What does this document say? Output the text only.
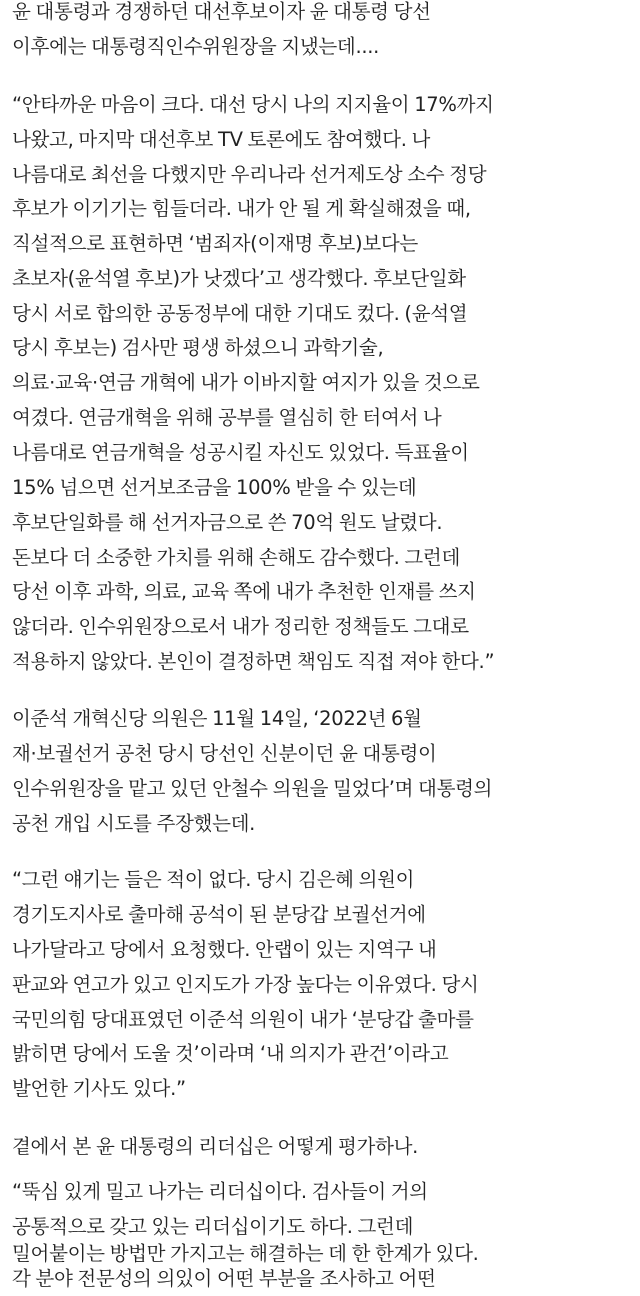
윤 대통령과 경쟁하던 대선후보이자 윤 대통령 당선
이후에는 대통령직인수위원장을 지냈는데....
“안타까운 마음이 크다. 대선 당시 나의 지지율이 17%까지
나왔고, 마지막 대선후보 TV 토론에도 참여했다. 나
나름대로 최선을 다했지만 우리나라 선거제도상 소수 정당
후보가 이기기는 힘들더라. 내가 안 될 게 확실해졌을 때,
직설적으로 표현하면 ‘범죄자(이재명 후보)보다는
초보자(윤석열 후보)가 낫겠다’고 생각했다. 후보단일화
당시 서로 합의한 공동정부에 대한 기대도 컸다. (윤석열
당시 후보는) 검사만 평생 하셨으니 과학기술,
의료·교육·연금 개혁에 내가 이바지할 여지가 있을 것으로
여겼다. 연금개혁을 위해 공부를 열심히 한 터여서 나
나름대로 연금개혁을 성공시킬 자신도 있었다. 득표율이
15% 넘으면 선거보조금을 100% 받을 수 있는데
후보단일화를 해 선거자금으로 쓴 70억 원도 날렸다.
돈보다 더 소중한 가치를 위해 손해도 감수했다. 그런데
당선 이후 과학, 의료, 교육 쪽에 내가 추천한 인재를 쓰지
않더라. 인수위원장으로서 내가 정리한 정책들도 그대로
적용하지 않았다. 본인이 결정하면 책임도 직접 져야 한다.”
이준석 개혁신당 의원은 11월 14일, ‘2022년 6월
재·보궐선거 공천 당시 당선인 신분이던 윤 대통령이
인수위원장을 맡고 있던 안철수 의원을 밀었다’며 대통령의
공천 개입 시도를 주장했는데.
“그런 얘기는 들은 적이 없다. 당시 김은혜 의원이
경기도지사로 출마해 공석이 된 분당갑 보궐선거에
나가달라고 당에서 요청했다. 안랩이 있는 지역구 내
판교와 연고가 있고 인지도가 가장 높다는 이유였다. 당시
국민의힘 당대표였던 이준석 의원이 내가 ‘분당갑 출마를
밝히면 당에서 도울 것’이라며 ‘내 의지가 관건’이라고
발언한 기사도 있다.”
곁에서 본 윤 대통령의 리더십은 어떻게 평가하나.
“뚝심 있게 밀고 나가는 리더십이다. 검사들이 거의
공통적으로 갖고 있는 리더십이기도 하다. 그런데
밀어붙이는 방법만 가지고는 해결하는 데 한 한계가 있다.
각 분야 전문성의 의있이 어떤 부분을 조사하고 어떤
